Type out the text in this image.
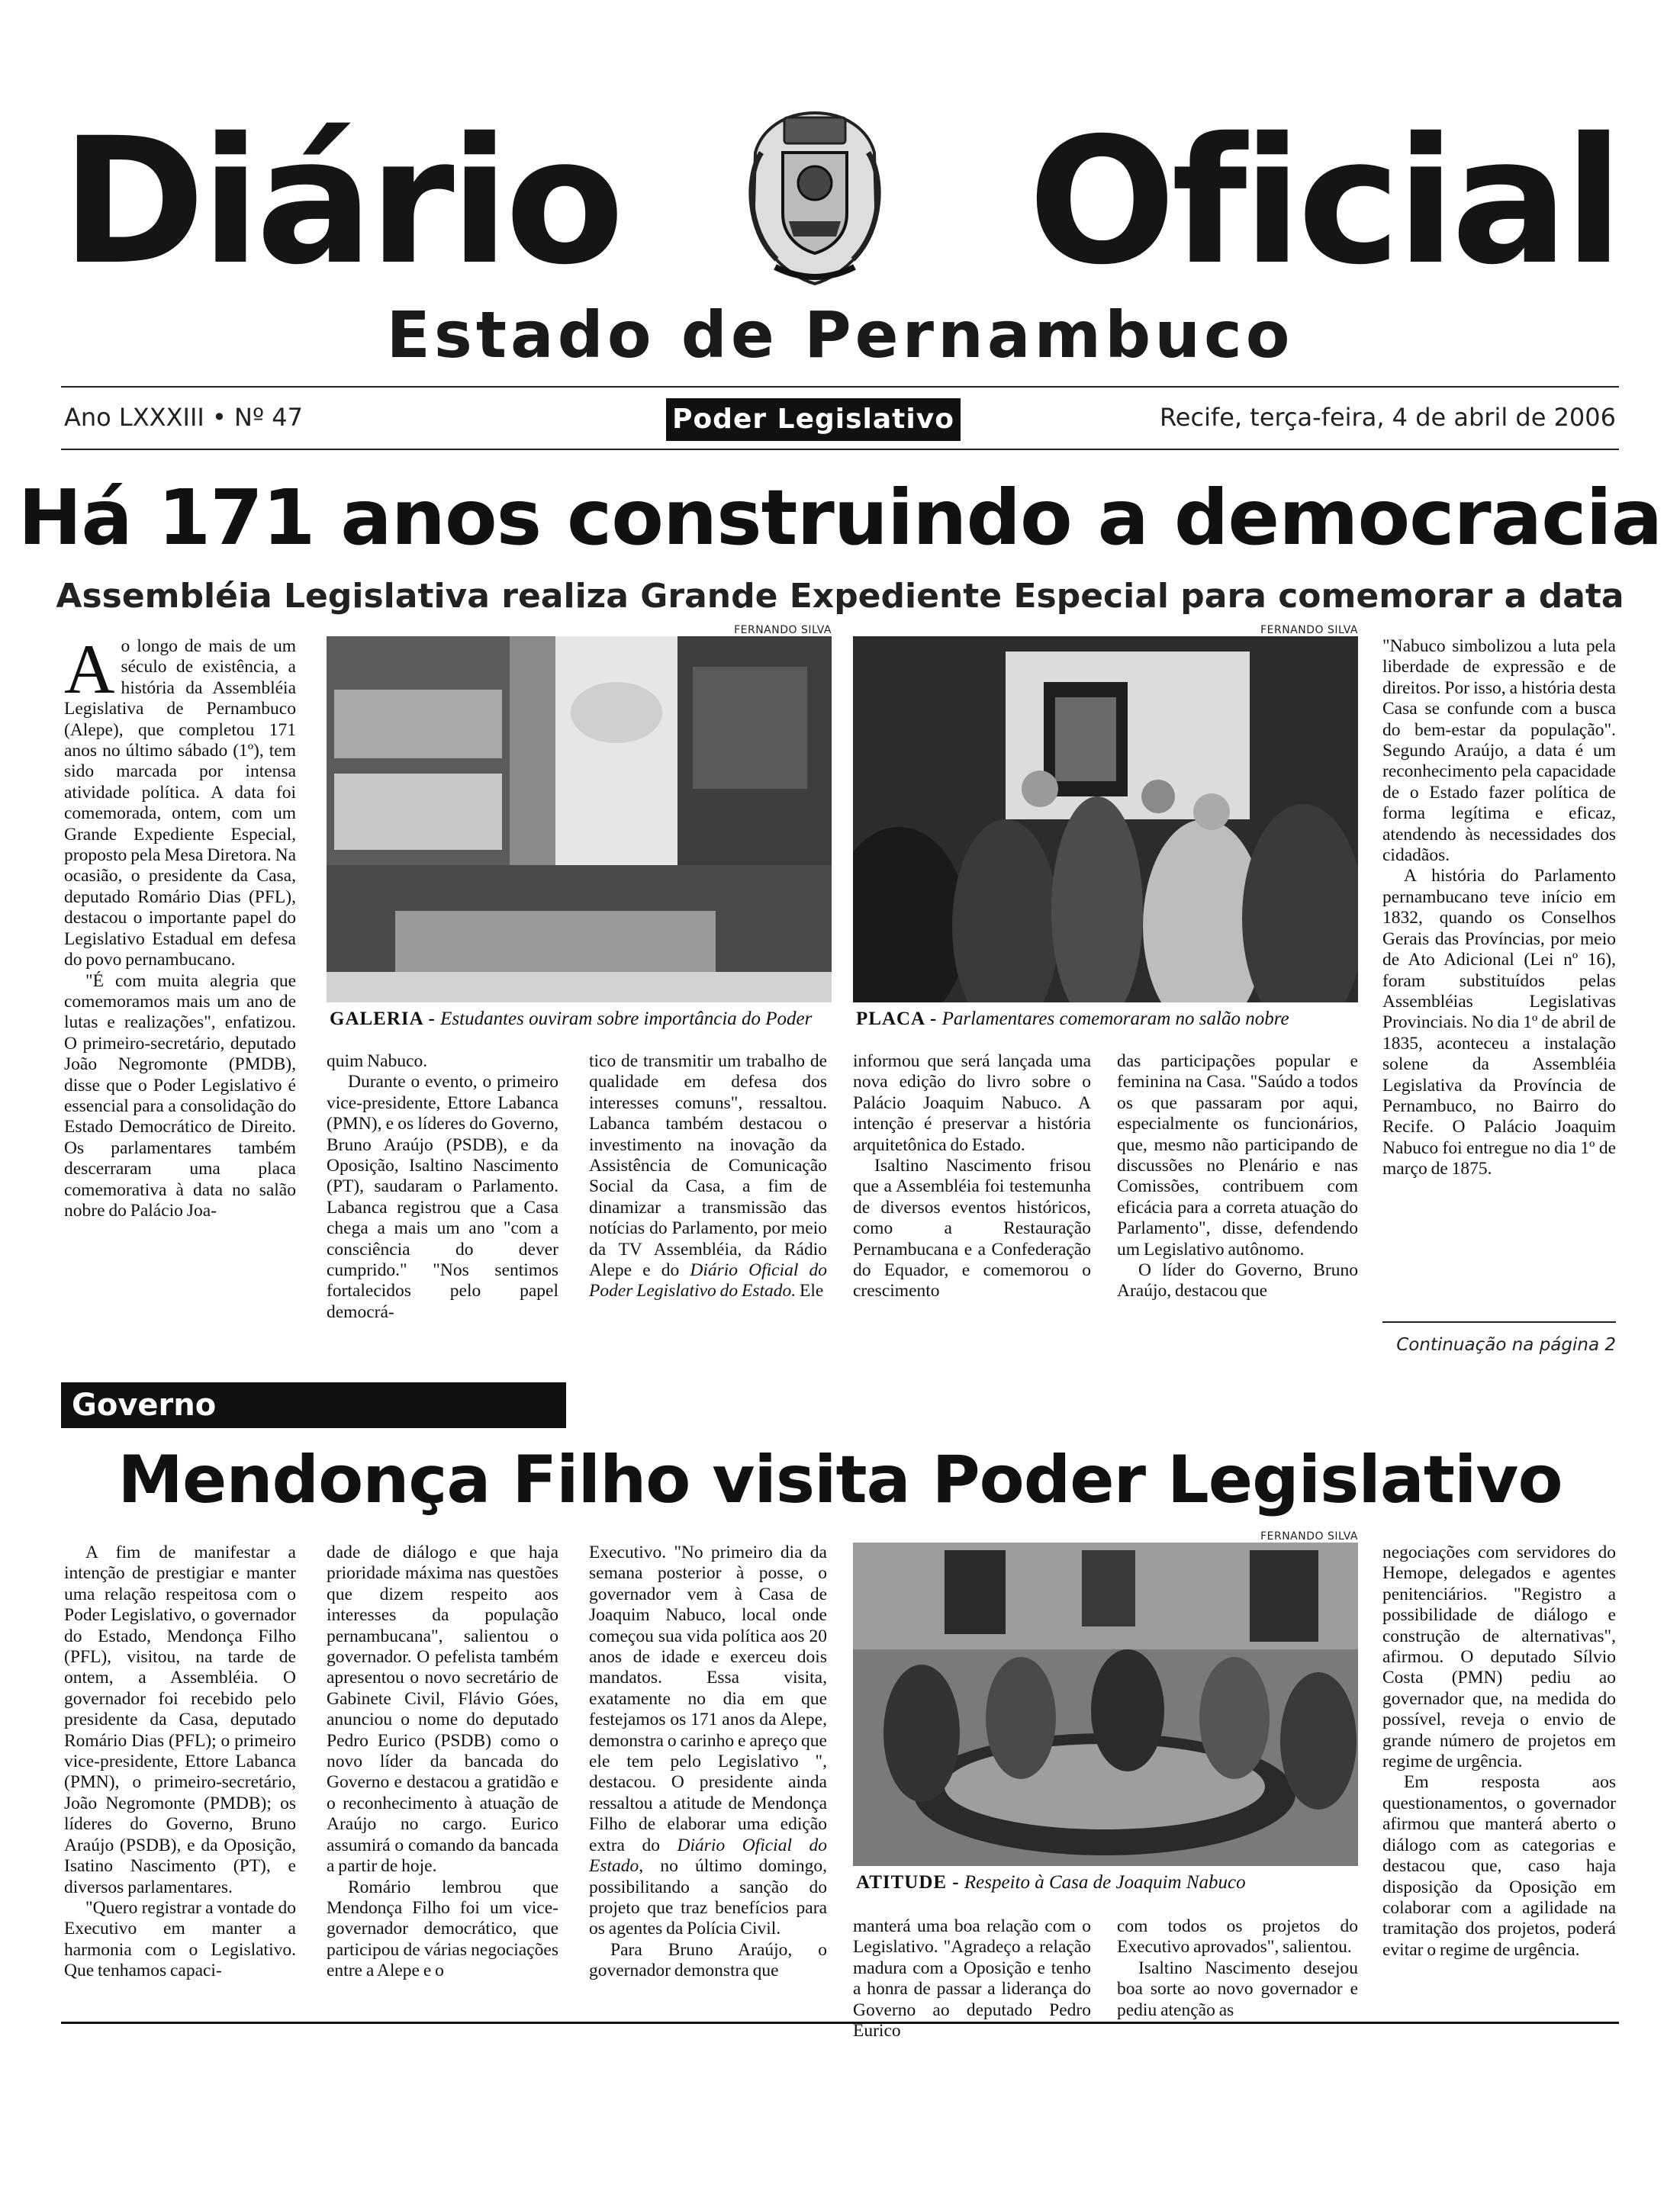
Diário Oficial
Estado de Pernambuco
Ano LXXXIII • Nº 47	Poder Legislativo	Recife, terça-feira, 4 de abril de 2006
Há 171 anos construindo a democracia
Assembléia Legislativa realiza Grande Expediente Especial para comemorar a data
A o longo de mais de um século de existência, a história da Assembléia Legislativa de Pernambuco (Alepe), que completou 171 anos no último sábado (1º), tem sido marcada por intensa atividade política. A data foi comemorada, ontem, com um Grande Expediente Especial, proposto pela Mesa Diretora. Na ocasião, o presidente da Casa, deputado Romário Dias (PFL), destacou o importante papel do Legislativo Estadual em defesa do povo pernambucano.

"É com muita alegria que comemoramos mais um ano de lutas e realizações", enfatizou. O primeiro-secretário, deputado João Negromonte (PMDB), disse que o Poder Legislativo é essencial para a consolidação do Estado Democrático de Direito. Os parlamentares também descerraram uma placa comemorativa à data no salão nobre do Palácio Joa-

FERNANDO SILVA
GALERIA - Estudantes ouviram sobre importância do Poder
FERNANDO SILVA
PLACA - Parlamentares comemoraram no salão nobre

quim Nabuco.

Durante o evento, o primeiro vice-presidente, Ettore Labanca (PMN), e os líderes do Governo, Bruno Araújo (PSDB), e da Oposição, Isaltino Nascimento (PT), saudaram o Parlamento. Labanca registrou que a Casa chega a mais um ano "com a consciência do dever cumprido." "Nos sentimos fortalecidos pelo papel democrá-

tico de transmitir um trabalho de qualidade em defesa dos interesses comuns", ressaltou. Labanca também destacou o investimento na inovação da Assistência de Comunicação Social da Casa, a fim de dinamizar a transmissão das notícias do Parlamento, por meio da TV Assembléia, da Rádio Alepe e do Diário Oficial do Poder Legislativo do Estado. Ele

informou que será lançada uma nova edição do livro sobre o Palácio Joaquim Nabuco. A intenção é preservar a história arquitetônica do Estado.

Isaltino Nascimento frisou que a Assembléia foi testemunha de diversos eventos históricos, como a Restauração Pernambucana e a Confederação do Equador, e comemorou o crescimento

das participações popular e feminina na Casa. "Saúdo a todos os que passaram por aqui, especialmente os funcionários, que, mesmo não participando de discussões no Plenário e nas Comissões, contribuem com eficácia para a correta atuação do Parlamento", disse, defendendo um Legislativo autônomo.

O líder do Governo, Bruno Araújo, destacou que

"Nabuco simbolizou a luta pela liberdade de expressão e de direitos. Por isso, a história desta Casa se confunde com a busca do bem-estar da população". Segundo Araújo, a data é um reconhecimento pela capacidade de o Estado fazer política de forma legítima e eficaz, atendendo às necessidades dos cidadãos.

A história do Parlamento pernambucano teve início em 1832, quando os Conselhos Gerais das Províncias, por meio de Ato Adicional (Lei nº 16), foram substituídos pelas Assembléias Legislativas Provinciais. No dia 1º de abril de 1835, aconteceu a instalação solene da Assembléia Legislativa da Província de Pernambuco, no Bairro do Recife. O Palácio Joaquim Nabuco foi entregue no dia 1º de março de 1875.

Continuação na página 2
Governo
Mendonça Filho visita Poder Legislativo

A fim de manifestar a intenção de prestigiar e manter uma relação respeitosa com o Poder Legislativo, o governador do Estado, Mendonça Filho (PFL), visitou, na tarde de ontem, a Assembléia. O governador foi recebido pelo presidente da Casa, deputado Romário Dias (PFL); o primeiro vice-presidente, Ettore Labanca (PMN), o primeiro-secretário, João Negromonte (PMDB); os líderes do Governo, Bruno Araújo (PSDB), e da Oposição, Isatino Nascimento (PT), e diversos parlamentares.

"Quero registrar a vontade do Executivo em manter a harmonia com o Legislativo. Que tenhamos capaci-

dade de diálogo e que haja prioridade máxima nas questões que dizem respeito aos interesses da população pernambucana", salientou o governador. O pefelista também apresentou o novo secretário de Gabinete Civil, Flávio Góes, anunciou o nome do deputado Pedro Eurico (PSDB) como o novo líder da bancada do Governo e destacou a gratidão e o reconhecimento à atuação de Araújo no cargo. Eurico assumirá o comando da bancada a partir de hoje.

Romário lembrou que Mendonça Filho foi um vice-governador democrático, que participou de várias negociações entre a Alepe e o

Executivo. "No primeiro dia da semana posterior à posse, o governador vem à Casa de Joaquim Nabuco, local onde começou sua vida política aos 20 anos de idade e exerceu dois mandatos. Essa visita, exatamente no dia em que festejamos os 171 anos da Alepe, demonstra o carinho e apreço que ele tem pelo Legislativo ", destacou. O presidente ainda ressaltou a atitude de Mendonça Filho de elaborar uma edição extra do Diário Oficial do Estado, no último domingo, possibilitando a sanção do projeto que traz benefícios para os agentes da Polícia Civil.

Para Bruno Araújo, o governador demonstra que

FERNANDO SILVA
ATITUDE - Respeito à Casa de Joaquim Nabuco

manterá uma boa relação com o Legislativo. "Agradeço a relação madura com a Oposição e tenho a honra de passar a liderança do Governo ao deputado Pedro Eurico

com todos os projetos do Executivo aprovados", salientou.

Isaltino Nascimento desejou boa sorte ao novo governador e pediu atenção as

negociações com servidores do Hemope, delegados e agentes penitenciários. "Registro a possibilidade de diálogo e construção de alternativas", afirmou. O deputado Sílvio Costa (PMN) pediu ao governador que, na medida do possível, reveja o envio de grande número de projetos em regime de urgência.

Em resposta aos questionamentos, o governador afirmou que manterá aberto o diálogo com as categorias e destacou que, caso haja disposição da Oposição em colaborar com a agilidade na tramitação dos projetos, poderá evitar o regime de urgência.
